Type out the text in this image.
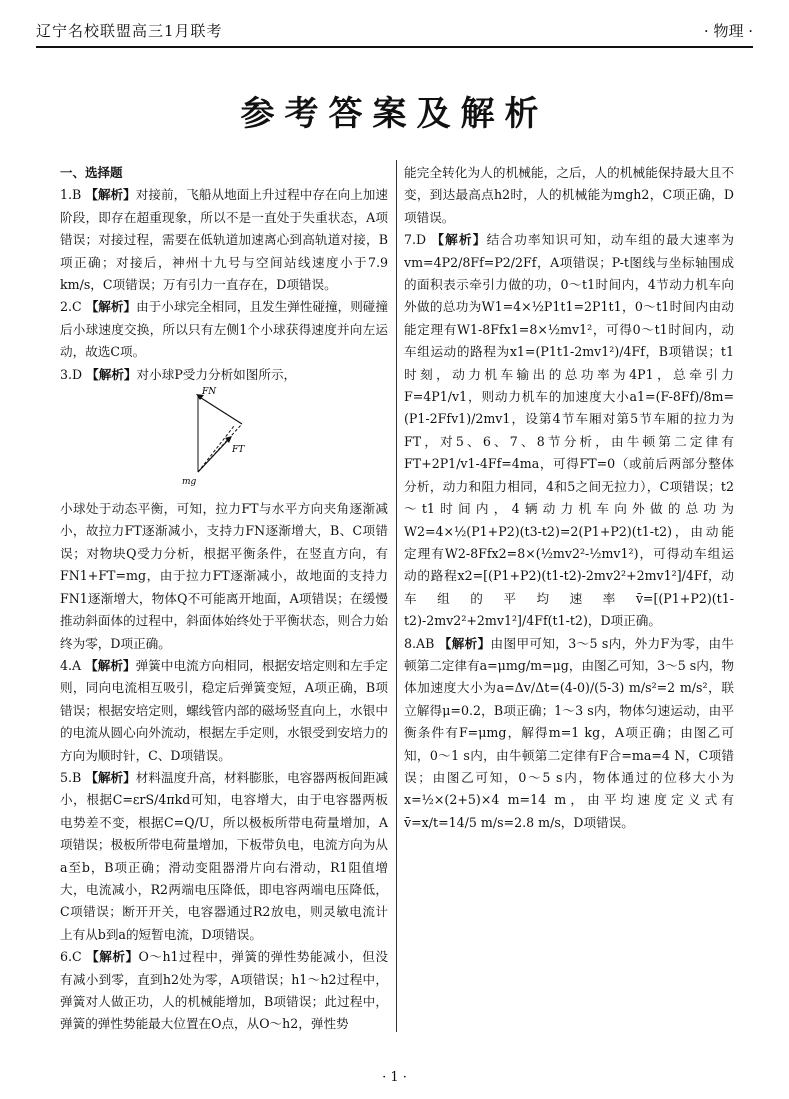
辽宁名校联盟高三1月联考	· 物理 ·
参考答案及解析

一、选择题

1.B 【解析】对接前，飞船从地面上升过程中存在向上加速阶段，即存在超重现象，所以不是一直处于失重状态，A项错误；对接过程，需要在低轨道加速离心到高轨道对接，B项正确；对接后，神州十九号与空间站线速度小于7.9 km/s，C项错误；万有引力一直存在，D项错误。

2.C 【解析】由于小球完全相同，且发生弹性碰撞，则碰撞后小球速度交换，所以只有左侧1个小球获得速度并向左运动，故选C项。

3.D 【解析】对小球P受力分析如图所示，

FN
FT
mg

小球处于动态平衡，可知，拉力FT与水平方向夹角逐渐减小，故拉力FT逐渐减小，支持力FN逐渐增大，B、C项错误；对物块Q受力分析，根据平衡条件，在竖直方向，有FN1+FT=mg，由于拉力FT逐渐减小，故地面的支持力FN1逐渐增大，物体Q不可能离开地面，A项错误；在缓慢推动斜面体的过程中，斜面体始终处于平衡状态，则合力始终为零，D项正确。

4.A 【解析】弹簧中电流方向相同，根据安培定则和左手定则，同向电流相互吸引，稳定后弹簧变短，A项正确，B项错误；根据安培定则，螺线管内部的磁场竖直向上，水银中的电流从圆心向外流动，根据左手定则，水银受到安培力的方向为顺时针，C、D项错误。

5.B 【解析】材料温度升高，材料膨胀，电容器两板间距减小，根据C=εrS/4πkd可知，电容增大，由于电容器两板电势差不变，根据C=Q/U，所以极板所带电荷量增加，A项错误；极板所带电荷量增加，下板带负电，电流方向为从a至b，B项正确；滑动变阻器滑片向右滑动，R1阻值增大，电流减小，R2两端电压降低，即电容两端电压降低，C项错误；断开开关，电容器通过R2放电，则灵敏电流计上有从b到a的短暂电流，D项错误。

6.C 【解析】O～h1过程中，弹簧的弹性势能减小，但没有减小到零，直到h2处为零，A项错误；h1～h2过程中，弹簧对人做正功，人的机械能增加，B项错误；此过程中，弹簧的弹性势能最大位置在O点，从O～h2，弹性势

能完全转化为人的机械能，之后，人的机械能保持最大且不变，到达最高点h2时，人的机械能为mgh2，C项正确，D项错误。

7.D 【解析】结合功率知识可知，动车组的最大速率为vm=4P2/8Ff=P2/2Ff，A项错误；P-t图线与坐标轴围成的面积表示牵引力做的功，0～t1时间内，4节动力机车向外做的总功为W1=4×½P1t1=2P1t1，0～t1时间内由动能定理有W1-8Ffx1=8×½mv1²，可得0～t1时间内，动车组运动的路程为x1=(P1t1-2mv1²)/4Ff，B项错误；t1时刻，动力机车输出的总功率为4P1，总牵引力F=4P1/v1，则动力机车的加速度大小a1=(F-8Ff)/8m=(P1-2Ffv1)/2mv1，设第4节车厢对第5节车厢的拉力为FT，对5、6、7、8节分析，由牛顿第二定律有FT+2P1/v1-4Ff=4ma，可得FT=0（或前后两部分整体分析，动力和阻力相同，4和5之间无拉力），C项错误；t2～t1时间内，4辆动力机车向外做的总功为W2=4×½(P1+P2)(t3-t2)=2(P1+P2)(t1-t2)，由动能定理有W2-8Ffx2=8×(½mv2²-½mv1²)，可得动车组运动的路程x2=[(P1+P2)(t1-t2)-2mv2²+2mv1²]/4Ff，动车组的平均速率v̄=[(P1+P2)(t1-t2)-2mv2²+2mv1²]/4Ff(t1-t2)，D项正确。

8.AB 【解析】由图甲可知，3～5 s内，外力F为零，由牛顿第二定律有a=μmg/m=μg，由图乙可知，3～5 s内，物体加速度大小为a=Δv/Δt=(4-0)/(5-3) m/s²=2 m/s²，联立解得μ=0.2，B项正确；1～3 s内，物体匀速运动，由平衡条件有F=μmg，解得m=1 kg，A项正确；由图乙可知，0～1 s内，由牛顿第二定律有F合=ma=4 N，C项错误；由图乙可知，0～5 s内，物体通过的位移大小为x=½×(2+5)×4 m=14 m，由平均速度定义式有v̄=x/t=14/5 m/s=2.8 m/s，D项错误。

· 1 ·
